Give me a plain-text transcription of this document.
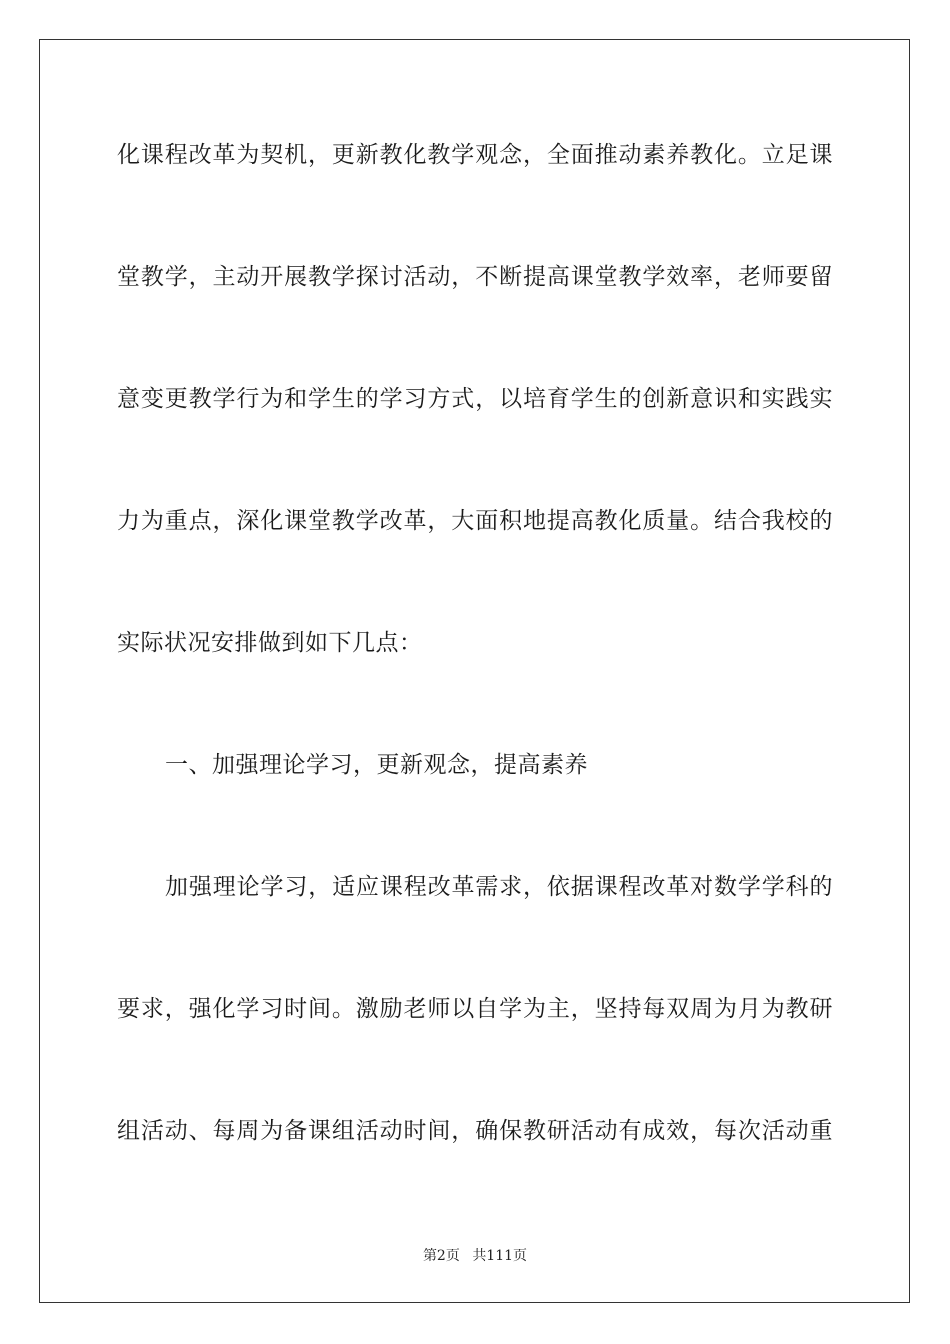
化课程改革为契机，更新教化教学观念，全面推动素养教化。立足课
堂教学，主动开展教学探讨活动，不断提高课堂教学效率，老师要留
意变更教学行为和学生的学习方式，以培育学生的创新意识和实践实
力为重点，深化课堂教学改革，大面积地提高教化质量。结合我校的
实际状况安排做到如下几点：
一、加强理论学习，更新观念，提高素养
加强理论学习，适应课程改革需求，依据课程改革对数学学科的
要求，强化学习时间。激励老师以自学为主，坚持每双周为月为教研
组活动、每周为备课组活动时间，确保教研活动有成效，每次活动重
第2页 共111页
